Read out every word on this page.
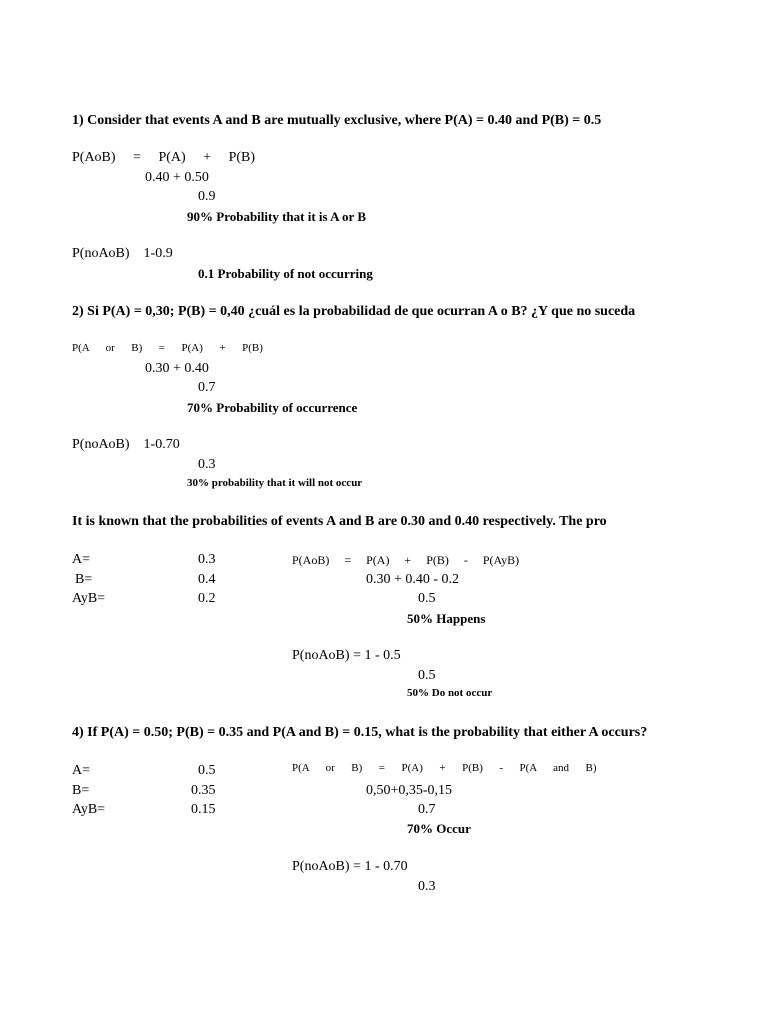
1) Consider that events A and B are mutually exclusive, where P(A) = 0.40 and P(B) = 0.5
P(AoB)     =     P(A)     +     P(B)
0.40 + 0.50
0.9
90% Probability that it is A or B
P(noAoB)    1-0.9
0.1 Probability of not occurring
2) Si P(A) = 0,30; P(B) = 0,40 ¿cuál es la probabilidad de que ocurran A o B? ¿Y que no suceda
P(A      or      B)      =      P(A)      +      P(B)
0.30 + 0.40
0.7
70% Probability of occurrence
P(noAoB)    1-0.70
0.3
30% probability that it will not occur
It is known that the probabilities of events A and B are 0.30 and 0.40 respectively. The pro
A=	0.3	P(AoB)     =     P(A)     +     P(B)     -     P(AyB)
B=	0.4	0.30 + 0.40 - 0.2
AyB=	0.2	0.5
50% Happens
P(noAoB) = 1 - 0.5
0.5
50% Do not occur
4) If P(A) = 0.50; P(B) = 0.35 and P(A and B) = 0.15, what is the probability that either A occurs?
A=	0.5	P(A      or      B)      =      P(A)      +      P(B)      -      P(A      and      B)
B=	0.35	0,50+0,35-0,15
AyB=	0.15	0.7
70% Occur
P(noAoB) = 1 - 0.70
0.3
